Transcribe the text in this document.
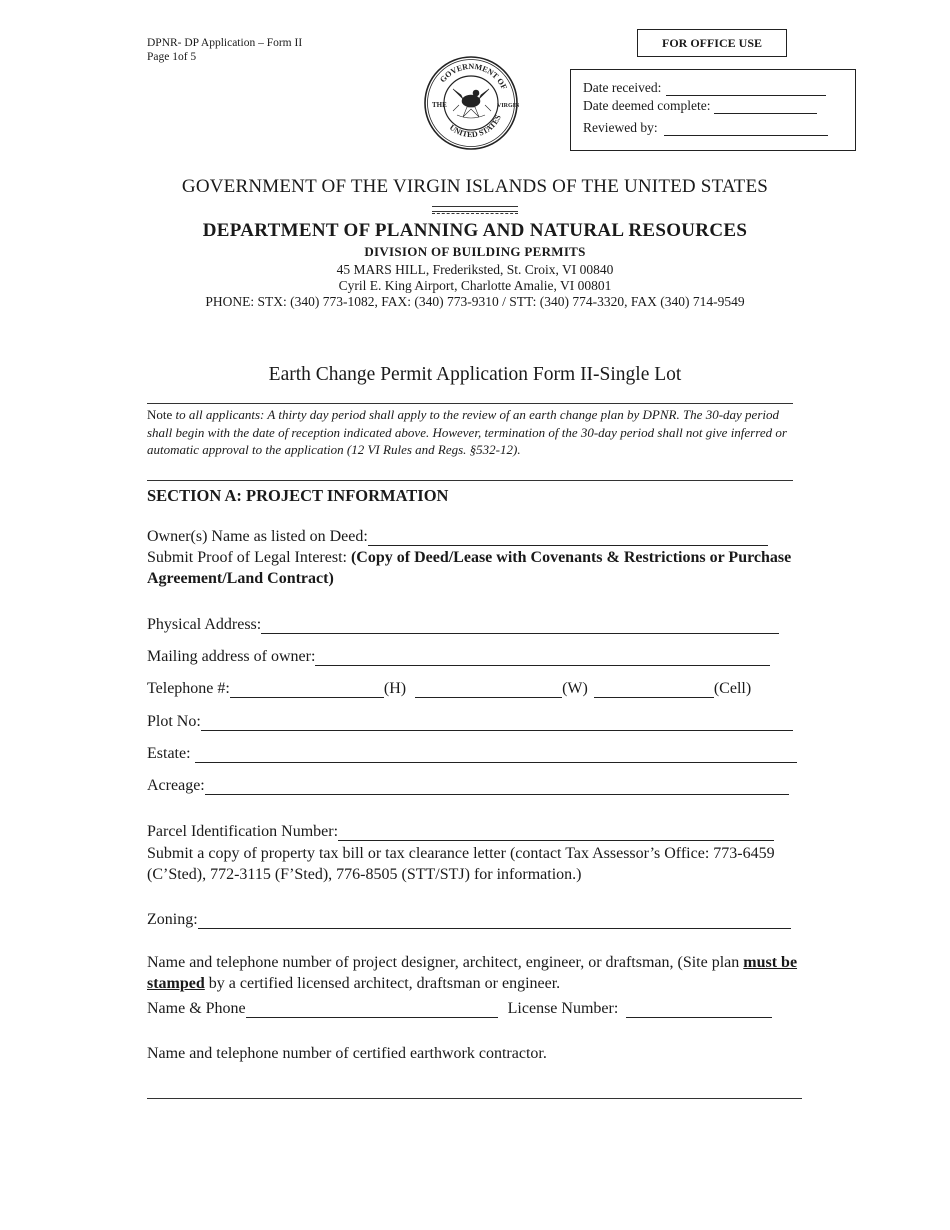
DPNR- DP Application – Form II
Page 1of 5
FOR OFFICE USE
Date received:
Date deemed complete:
Reviewed by:
GOVERNMENT OF
UNITED STATES
THE	VIRGIN
GOVERNMENT OF THE VIRGIN ISLANDS OF THE UNITED STATES
DEPARTMENT OF PLANNING AND NATURAL RESOURCES
DIVISION OF BUILDING PERMITS
45 MARS HILL, Frederiksted, St. Croix, VI 00840
Cyril E. King Airport, Charlotte Amalie, VI 00801
PHONE: STX: (340) 773-1082, FAX: (340) 773-9310 / STT: (340) 774-3320, FAX (340) 714-9549
Earth Change Permit Application Form II-Single Lot
Note to all applicants: A thirty day period shall apply to the review of an earth change plan by DPNR. The 30-day period shall begin with the date of reception indicated above. However, termination of the 30-day period shall not give inferred or automatic approval to the application (12 VI Rules and Regs. §532-12).
SECTION A: PROJECT INFORMATION
Owner(s) Name as listed on Deed:
Submit Proof of Legal Interest: (Copy of Deed/Lease with Covenants & Restrictions or Purchase Agreement/Land Contract)
Physical Address:
Mailing address of owner:
Telephone #:	(H)	(W)	(Cell)
Plot No:
Estate:
Acreage:
Parcel Identification Number:
Submit a copy of property tax bill or tax clearance letter (contact Tax Assessor’s Office: 773-6459 (C’Sted), 772-3115 (F’Sted), 776-8505 (STT/STJ) for information.)
Zoning:
Name and telephone number of project designer, architect, engineer, or draftsman, (Site plan must be stamped by a certified licensed architect, draftsman or engineer.
Name & Phone	License Number:
Name and telephone number of certified earthwork contractor.
